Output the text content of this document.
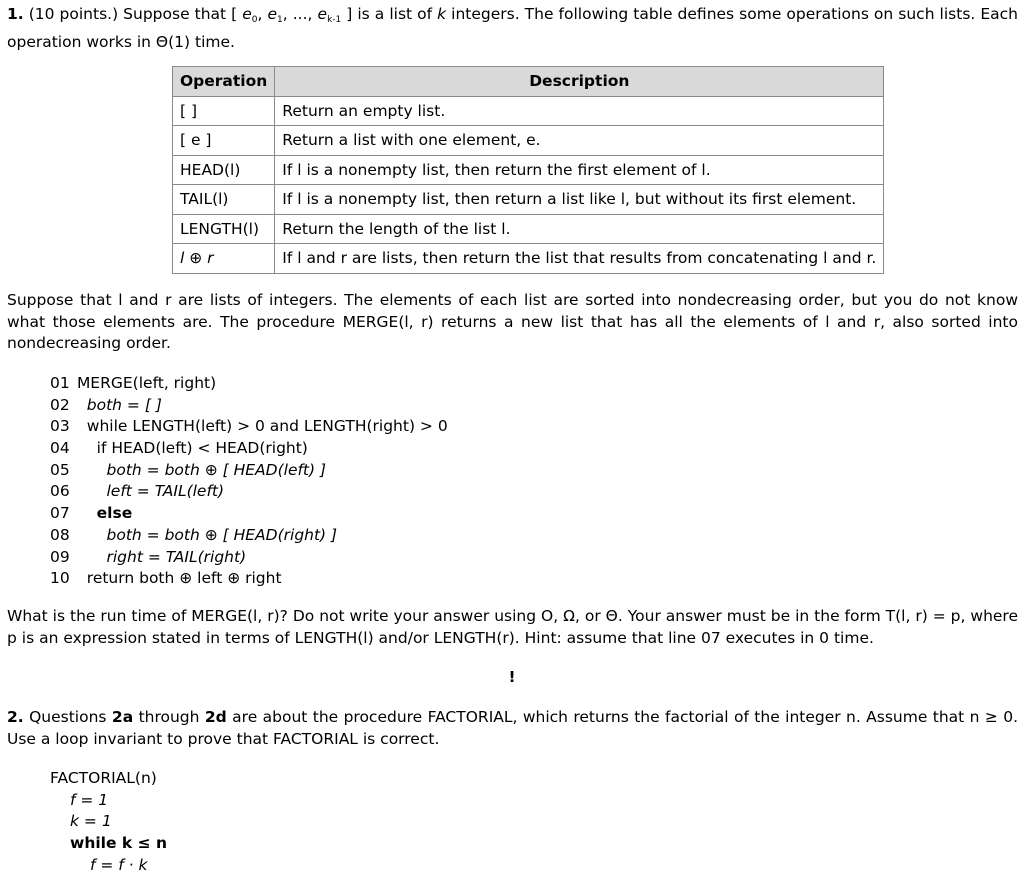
1. (10 points.) Suppose that [ $e_0$, $e_1$, ..., $e_{k-1}$ ] is a list of k integers. The following table defines some operations on such lists. Each operation works in Θ(1) time.

Operation	Description
[ ]	Return an empty list.
[ e ]	Return a list with one element, e.
HEAD(l)	If l is a nonempty list, then return the first element of l.
TAIL(l)	If l is a nonempty list, then return a list like l, but without its first element.
LENGTH(l)	Return the length of the list l.
l ⊕ r	If l and r are lists, then return the list that results from concatenating l and r.

Suppose that l and r are lists of integers. The elements of each list are sorted into nondecreasing order, but you do not know what those elements are. The procedure MERGE(l, r) returns a new list that has all the elements of l and r, also sorted into nondecreasing order.

01 MERGE(left, right)
02 both = [ ]
03 while LENGTH(left) > 0 and LENGTH(right) > 0
04 if HEAD(left) < HEAD(right)
05 both = both ⊕ [ HEAD(left) ]
06 left = TAIL(left)
07 else
08 both = both ⊕ [ HEAD(right) ]
09 right = TAIL(right)
10 return both ⊕ left ⊕ right

What is the run time of MERGE(l, r)? Do not write your answer using O, Ω, or Θ. Your answer must be in the form T(l, r) = p, where p is an expression stated in terms of LENGTH(l) and/or LENGTH(r). Hint: assume that line 07 executes in 0 time.

!

2. Questions 2a through 2d are about the procedure FACTORIAL, which returns the factorial of the integer n. Assume that n ≥ 0. Use a loop invariant to prove that FACTORIAL is correct.

FACTORIAL(n)
f = 1
k = 1
while k ≤ n
f = f · k
